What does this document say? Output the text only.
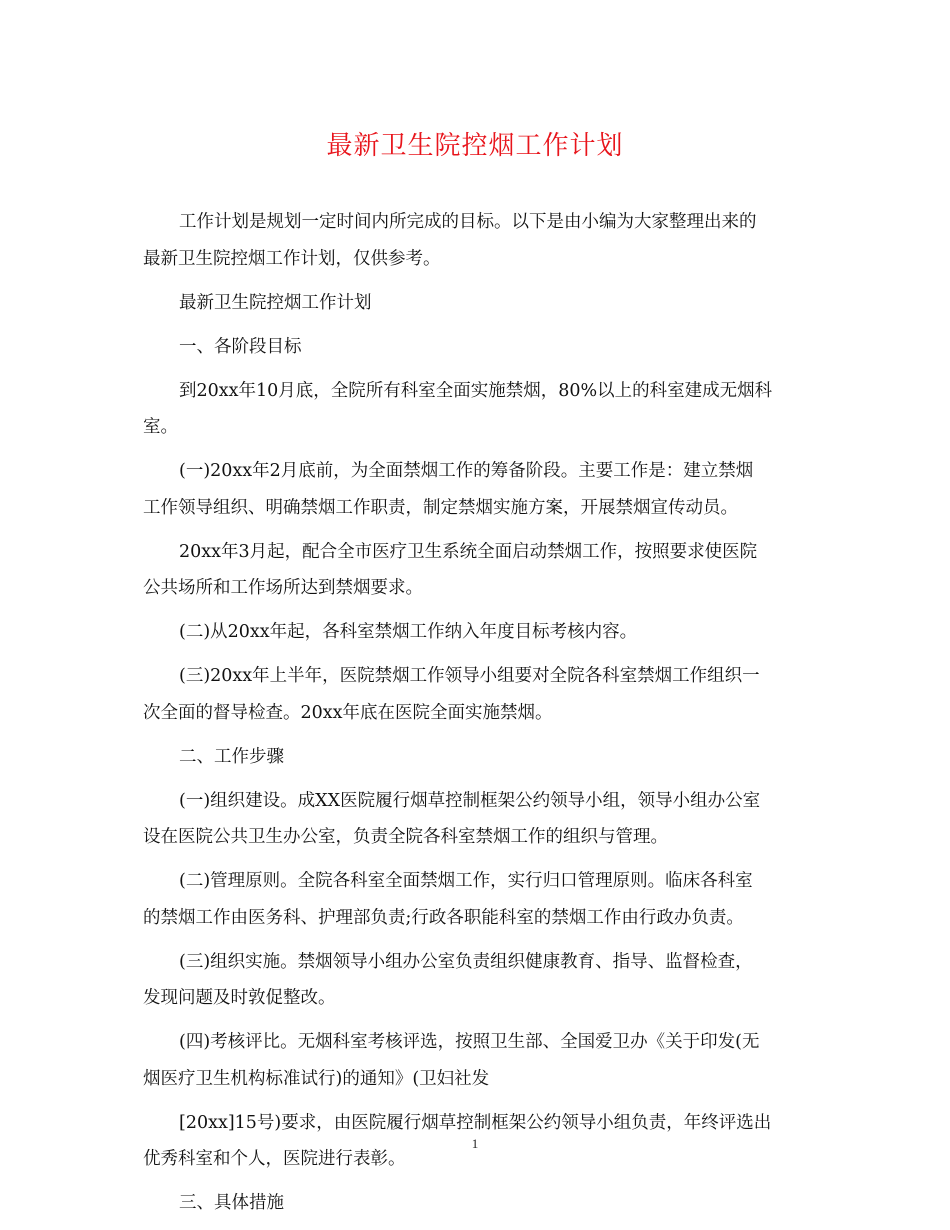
最新卫生院控烟工作计划

工作计划是规划一定时间内所完成的目标。以下是由小编为大家整理出来的
最新卫生院控烟工作计划，仅供参考。

最新卫生院控烟工作计划

一、各阶段目标

到20xx年10月底，全院所有科室全面实施禁烟，80%以上的科室建成无烟科
室。

(一)20xx年2月底前，为全面禁烟工作的筹备阶段。主要工作是：建立禁烟
工作领导组织、明确禁烟工作职责，制定禁烟实施方案，开展禁烟宣传动员。

20xx年3月起，配合全市医疗卫生系统全面启动禁烟工作，按照要求使医院
公共场所和工作场所达到禁烟要求。

(二)从20xx年起，各科室禁烟工作纳入年度目标考核内容。

(三)20xx年上半年，医院禁烟工作领导小组要对全院各科室禁烟工作组织一
次全面的督导检查。20xx年底在医院全面实施禁烟。

二、工作步骤

(一)组织建设。成XX医院履行烟草控制框架公约领导小组，领导小组办公室
设在医院公共卫生办公室，负责全院各科室禁烟工作的组织与管理。

(二)管理原则。全院各科室全面禁烟工作，实行归口管理原则。临床各科室
的禁烟工作由医务科、护理部负责;行政各职能科室的禁烟工作由行政办负责。

(三)组织实施。禁烟领导小组办公室负责组织健康教育、指导、监督检查，
发现问题及时敦促整改。

(四)考核评比。无烟科室考核评选，按照卫生部、全国爱卫办《关于印发(无
烟医疗卫生机构标准试行)的通知》(卫妇社发

[20xx]15号)要求，由医院履行烟草控制框架公约领导小组负责，年终评选出
优秀科室和个人，医院进行表彰。

三、具体措施

1
